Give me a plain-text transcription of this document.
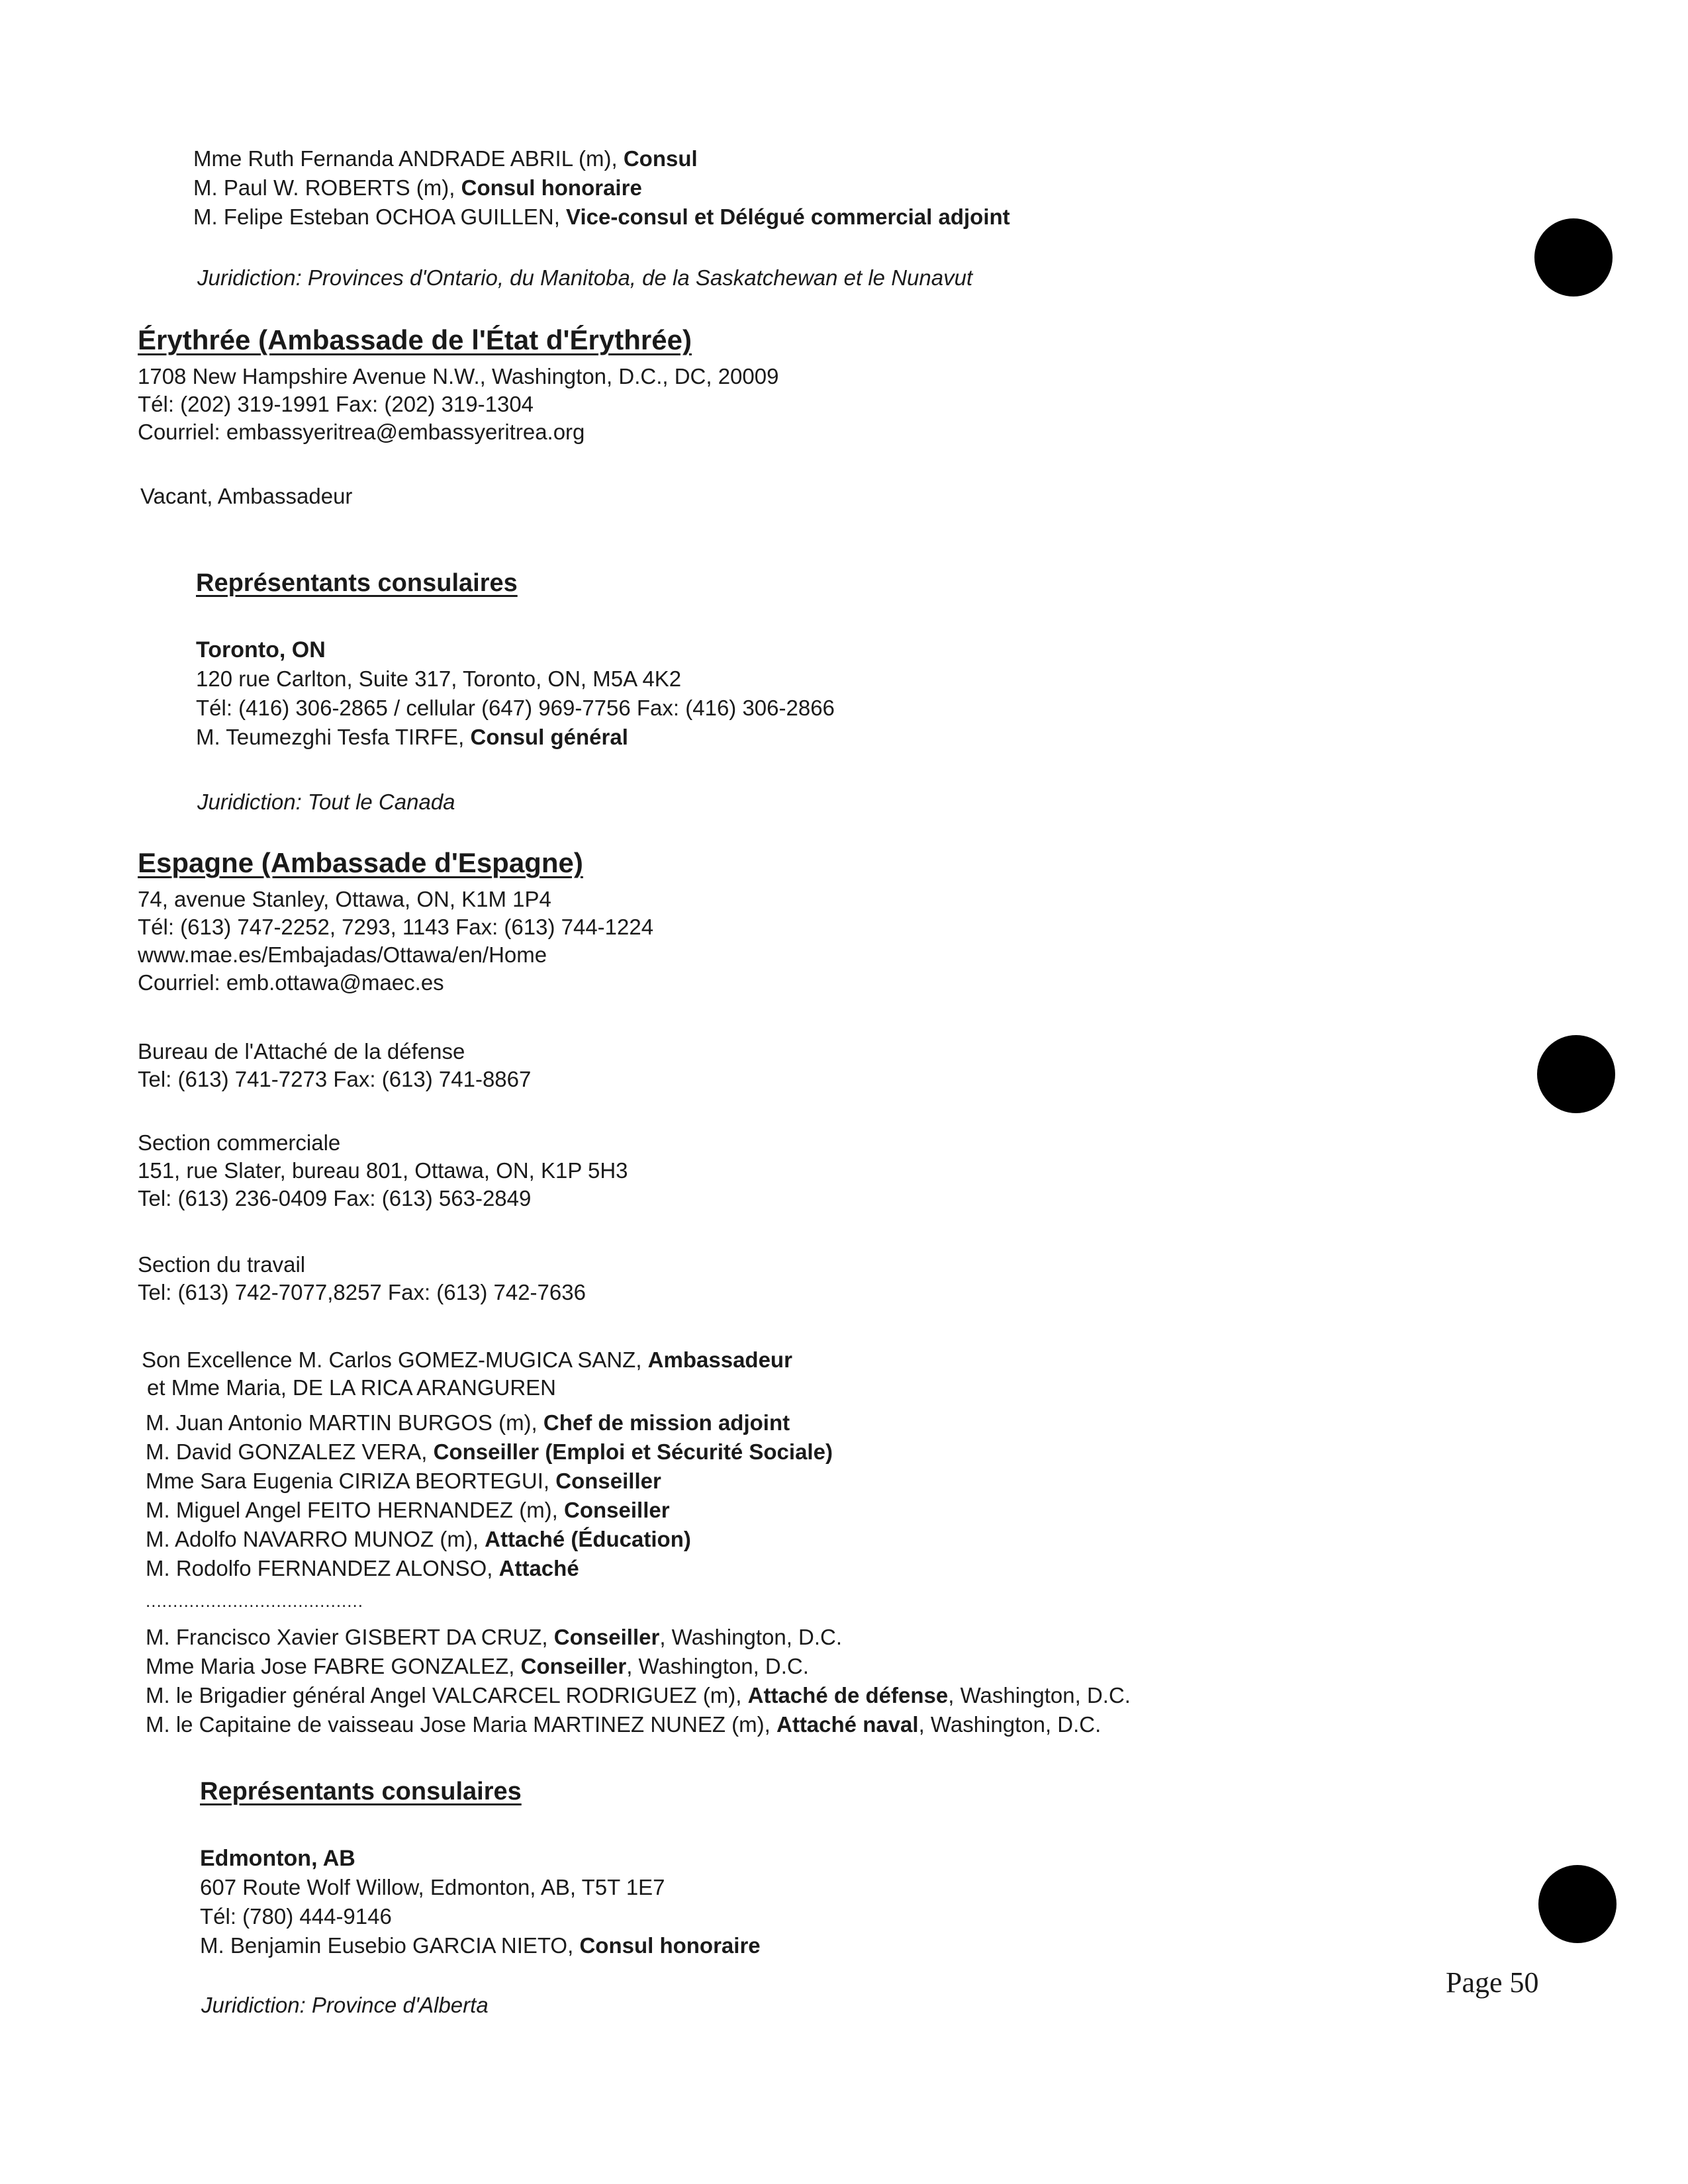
Mme Ruth Fernanda ANDRADE ABRIL (m), Consul
M. Paul W. ROBERTS (m), Consul honoraire
M. Felipe Esteban OCHOA GUILLEN, Vice-consul et Délégué commercial adjoint
Juridiction: Provinces d'Ontario, du Manitoba, de la Saskatchewan et le Nunavut
Érythrée (Ambassade de l'État d'Érythrée)
1708 New Hampshire Avenue N.W., Washington, D.C., DC, 20009
Tél: (202) 319-1991 Fax: (202) 319-1304
Courriel: embassyeritrea@embassyeritrea.org
Vacant, Ambassadeur
Représentants consulaires
Toronto, ON
120 rue Carlton, Suite 317, Toronto, ON, M5A 4K2
Tél: (416) 306-2865 / cellular (647) 969-7756 Fax: (416) 306-2866
M. Teumezghi Tesfa TIRFE, Consul général
Juridiction: Tout le Canada
Espagne (Ambassade d'Espagne)
74, avenue Stanley, Ottawa, ON, K1M 1P4
Tél: (613) 747-2252, 7293, 1143 Fax: (613) 744-1224
www.mae.es/Embajadas/Ottawa/en/Home
Courriel: emb.ottawa@maec.es
Bureau de l'Attaché de la défense
Tel: (613) 741-7273 Fax: (613) 741-8867
Section commerciale
151, rue Slater, bureau 801, Ottawa, ON, K1P 5H3
Tel: (613) 236-0409 Fax: (613) 563-2849
Section du travail
Tel: (613) 742-7077,8257 Fax: (613) 742-7636
Son Excellence M. Carlos GOMEZ-MUGICA SANZ, Ambassadeur
et Mme Maria, DE LA RICA ARANGUREN
M. Juan Antonio MARTIN BURGOS (m), Chef de mission adjoint
M. David GONZALEZ VERA, Conseiller (Emploi et Sécurité Sociale)
Mme Sara Eugenia CIRIZA BEORTEGUI, Conseiller
M. Miguel Angel FEITO HERNANDEZ (m), Conseiller
M. Adolfo NAVARRO MUNOZ (m), Attaché (Éducation)
M. Rodolfo FERNANDEZ ALONSO, Attaché
........................................
M. Francisco Xavier GISBERT DA CRUZ, Conseiller, Washington, D.C.
Mme Maria Jose FABRE GONZALEZ, Conseiller, Washington, D.C.
M. le Brigadier général Angel VALCARCEL RODRIGUEZ (m), Attaché de défense, Washington, D.C.
M. le Capitaine de vaisseau Jose Maria MARTINEZ NUNEZ (m), Attaché naval, Washington, D.C.
Représentants consulaires
Edmonton, AB
607 Route Wolf Willow, Edmonton, AB, T5T 1E7
Tél: (780) 444-9146
M. Benjamin Eusebio GARCIA NIETO, Consul honoraire
Juridiction: Province d'Alberta
Page 50
